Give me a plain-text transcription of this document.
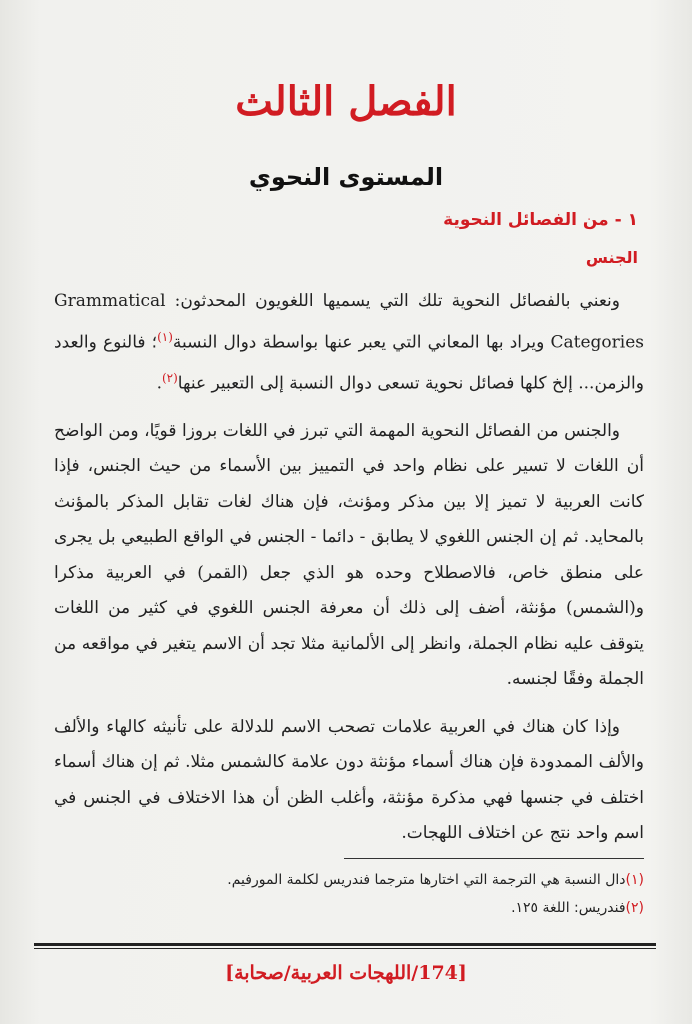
الفصل الثالث
المستوى النحوي
١ - من الفصائل النحوية
الجنس

ونعني بالفصائل النحوية تلك التي يسميها اللغويون المحدثون: Grammatical Categories ويراد بها المعاني التي يعبر عنها بواسطة دوال النسبة$^{(١)}$؛ فالنوع والعدد والزمن... إلخ كلها فصائل نحوية تسعى دوال النسبة إلى التعبير عنها$^{(٢)}$.

والجنس من الفصائل النحوية المهمة التي تبرز في اللغات بروزا قويًا، ومن الواضح أن اللغات لا تسير على نظام واحد في التمييز بين الأسماء من حيث الجنس، فإذا كانت العربية لا تميز إلا بين مذكر ومؤنث، فإن هناك لغات تقابل المذكر بالمؤنث بالمحايد. ثم إن الجنس اللغوي لا يطابق - دائما - الجنس في الواقع الطبيعي بل يجرى على منطق خاص، فالاصطلاح وحده هو الذي جعل (القمر) في العربية مذكرا و(الشمس) مؤنثة، أضف إلى ذلك أن معرفة الجنس اللغوي في كثير من اللغات يتوقف عليه نظام الجملة، وانظر إلى الألمانية مثلا تجد أن الاسم يتغير في مواقعه من الجملة وفقًا لجنسه.

وإذا كان هناك في العربية علامات تصحب الاسم للدلالة على تأنيثه كالهاء والألف والألف الممدودة فإن هناك أسماء مؤنثة دون علامة كالشمس مثلا. ثم إن هناك أسماء اختلف في جنسها فهي مذكرة مؤنثة، وأغلب الظن أن هذا الاختلاف في الجنس في اسم واحد نتج عن اختلاف اللهجات.

(١)دال النسبة هي الترجمة التي اختارها مترجما فندريس لكلمة المورفيم.
(٢)فندريس: اللغة ١٢٥.
[174/اللهجات العربية/صحابة]
